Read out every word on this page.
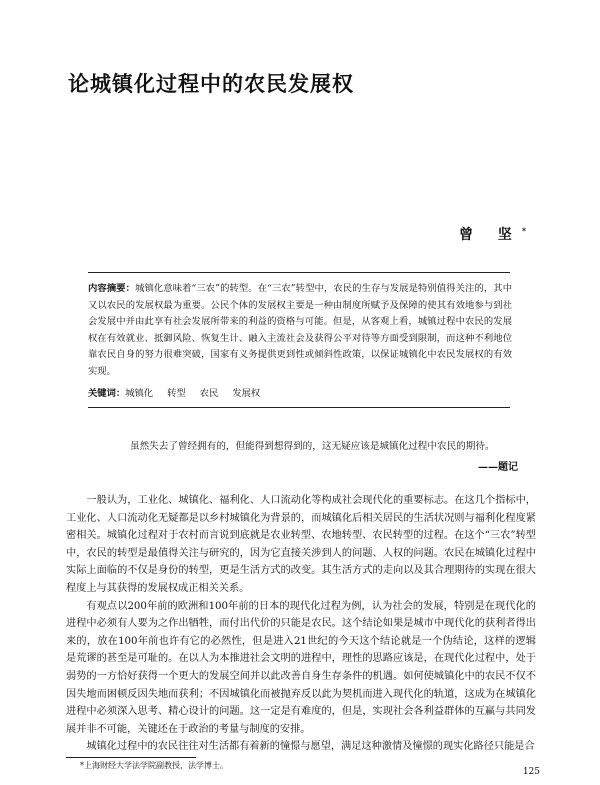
论城镇化过程中的农民发展权
曾 坚*
内容摘要：城镇化意味着“三农”的转型。在“三农”转型中，农民的生存与发展是特别值得关注的，其中又以农民的发展权最为重要。公民个体的发展权主要是一种由制度所赋予及保障的使其有效地参与到社会发展中并由此享有社会发展所带来的利益的资格与可能。但是，从客观上看，城镇过程中农民的发展权在有效就业、抵御风险、恢复生计、融入主流社会及获得公平对待等方面受到限制，而这种不利地位靠农民自身的努力很难突破，国家有义务提供更到性或倾斜性政策，以保证城镇化中农民发展权的有效实现。
关键词：城镇化 转型 农民 发展权
虽然失去了曾经拥有的，但能得到想得到的，这无疑应该是城镇化过程中农民的期待。
——题记

一般认为，工业化、城镇化、福利化、人口流动化等构成社会现代化的重要标志。在这几个指标中，工业化、人口流动化无疑都是以乡村城镇化为背景的，而城镇化后相关居民的生活状况则与福利化程度紧密相关。城镇化过程对于农村而言说到底就是农业转型、农地转型、农民转型的过程。在这个“三农”转型中，农民的转型是最值得关注与研究的，因为它直接关涉到人的问题、人权的问题。农民在城镇化过程中实际上面临的不仅是身份的转型，更是生活方式的改变。其生活方式的走向以及其合理期待的实现在很大程度上与其获得的发展权成正相关关系。

有观点以200年前的欧洲和100年前的日本的现代化过程为例，认为社会的发展，特别是在现代化的进程中必须有人要为之作出牺牲，而付出代价的只能是农民。这个结论如果是城市中现代化的获利者得出来的，放在100年前也许有它的必然性，但是进入21世纪的今天这个结论就是一个伪结论，这样的逻辑是荒谬的甚至是可耻的。在以人为本推进社会文明的进程中，理性的思路应该是，在现代化过程中，处于弱势的一方恰好获得一个更大的发展空间并以此改善自身生存条件的机遇。如何使城镇化中的农民不仅不因失地而困顿反因失地而获利；不因城镇化而被抛弃反以此为契机而进入现代化的轨道，这成为在城镇化进程中必须深入思考、精心设计的问题。这一定是有难度的，但是，实现社会各利益群体的互赢与共同发展并非不可能，关键还在于政治的考量与制度的安排。

城镇化过程中的农民往往对生活都有着新的憧憬与愿望，满足这种激情及憧憬的现实化路径只能是合

*上海财经大学法学院副教授，法学博士。
125
